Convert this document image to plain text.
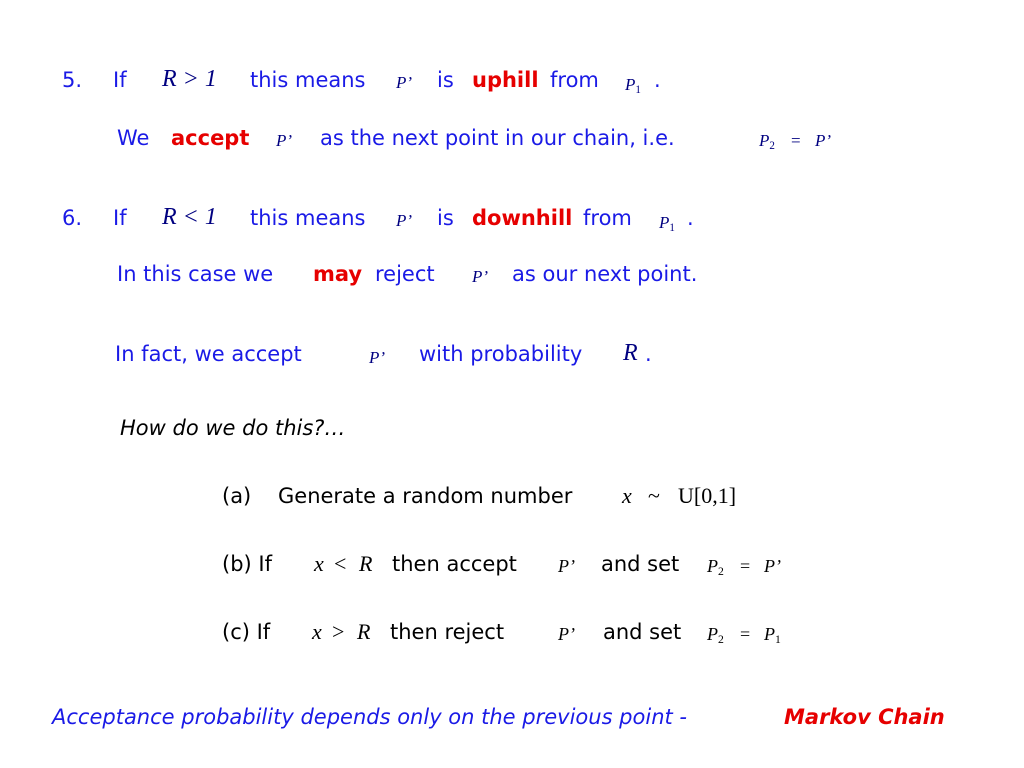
5. If R > 1 this means P’ is uphill from $P_1$ .
We accept P’ as the next point in our chain, i.e.	$P_2 = P$’
6. If R < 1 this means P’ is downhill from $P_1$ .
In this case we may reject P’ as our next point.
In fact, we accept	P’ with probability R .
How do we do this?…
(a) Generate a random number x ~ U[0,1]
(b) If x < R then accept P’ and set $P_2 = P$’
(c) If x > R then reject	P’ and set $P_2 = P_1$
Acceptance probability depends only on the previous point -	Markov Chain
